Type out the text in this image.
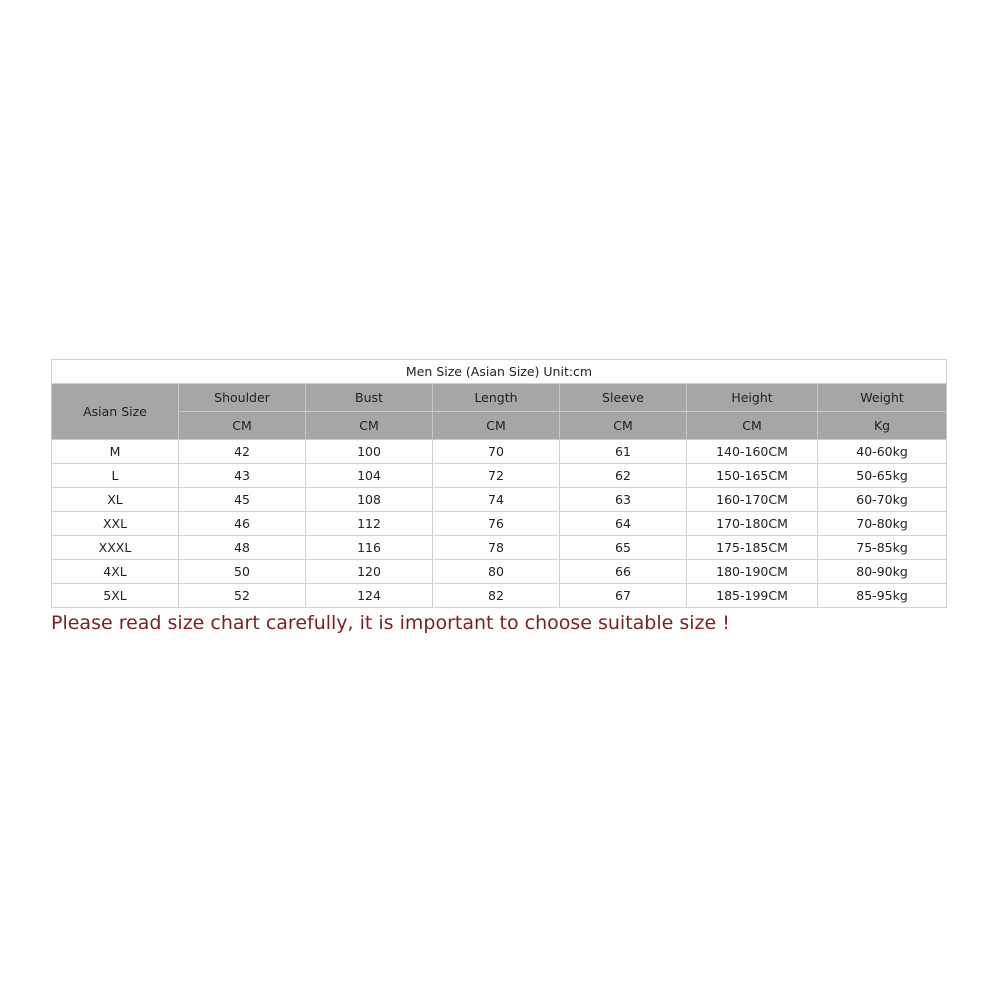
Men Size (Asian Size) Unit:cm						
Asian Size	Shoulder	Bust	Length	Sleeve	Height	Weight
	CM	CM	CM	CM	CM	Kg
M	42	100	70	61	140-160CM	40-60kg
L	43	104	72	62	150-165CM	50-65kg
XL	45	108	74	63	160-170CM	60-70kg
XXL	46	112	76	64	170-180CM	70-80kg
XXXL	48	116	78	65	175-185CM	75-85kg
4XL	50	120	80	66	180-190CM	80-90kg
5XL	52	124	82	67	185-199CM	85-95kg
Please read size chart carefully, it is important to choose suitable size !
